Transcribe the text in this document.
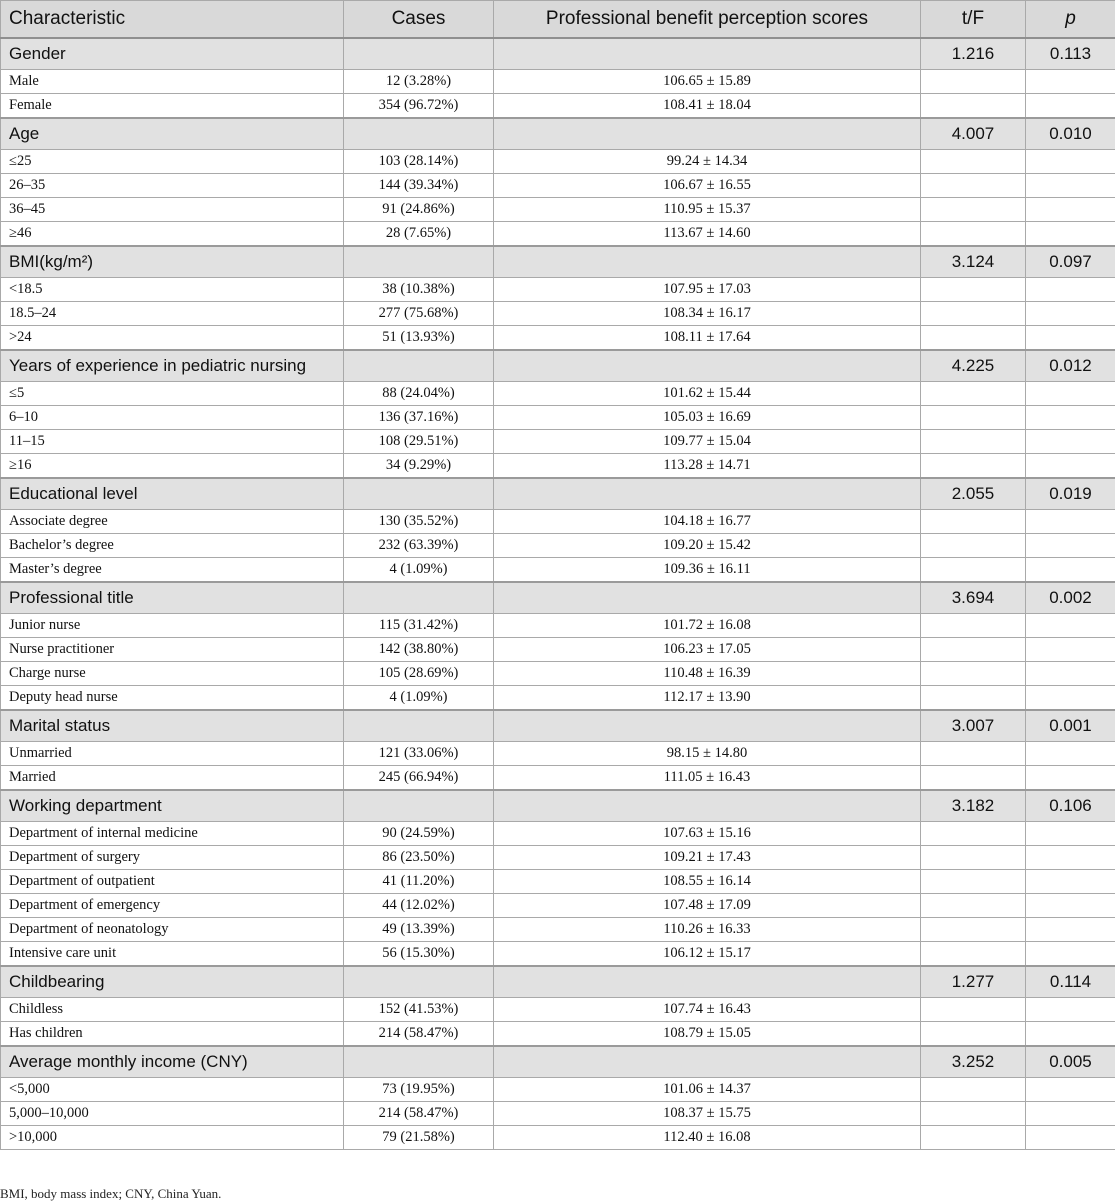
Characteristic	Cases	Professional benefit perception scores	t/F	p
Gender			1.216	0.113
Male	12 (3.28%)	106.65 ± 15.89		
Female	354 (96.72%)	108.41 ± 18.04		
Age			4.007	0.010
≤25	103 (28.14%)	99.24 ± 14.34		
26–35	144 (39.34%)	106.67 ± 16.55		
36–45	91 (24.86%)	110.95 ± 15.37		
≥46	28 (7.65%)	113.67 ± 14.60		
BMI(kg/m²)			3.124	0.097
<18.5	38 (10.38%)	107.95 ± 17.03		
18.5–24	277 (75.68%)	108.34 ± 16.17		
>24	51 (13.93%)	108.11 ± 17.64		
Years of experience in pediatric nursing			4.225	0.012
≤5	88 (24.04%)	101.62 ± 15.44		
6–10	136 (37.16%)	105.03 ± 16.69		
11–15	108 (29.51%)	109.77 ± 15.04		
≥16	34 (9.29%)	113.28 ± 14.71		
Educational level			2.055	0.019
Associate degree	130 (35.52%)	104.18 ± 16.77		
Bachelor’s degree	232 (63.39%)	109.20 ± 15.42		
Master’s degree	4 (1.09%)	109.36 ± 16.11		
Professional title			3.694	0.002
Junior nurse	115 (31.42%)	101.72 ± 16.08		
Nurse practitioner	142 (38.80%)	106.23 ± 17.05		
Charge nurse	105 (28.69%)	110.48 ± 16.39		
Deputy head nurse	4 (1.09%)	112.17 ± 13.90		
Marital status			3.007	0.001
Unmarried	121 (33.06%)	98.15 ± 14.80		
Married	245 (66.94%)	111.05 ± 16.43		
Working department			3.182	0.106
Department of internal medicine	90 (24.59%)	107.63 ± 15.16		
Department of surgery	86 (23.50%)	109.21 ± 17.43		
Department of outpatient	41 (11.20%)	108.55 ± 16.14		
Department of emergency	44 (12.02%)	107.48 ± 17.09		
Department of neonatology	49 (13.39%)	110.26 ± 16.33		
Intensive care unit	56 (15.30%)	106.12 ± 15.17		
Childbearing			1.277	0.114
Childless	152 (41.53%)	107.74 ± 16.43		
Has children	214 (58.47%)	108.79 ± 15.05		
Average monthly income (CNY)			3.252	0.005
<5,000	73 (19.95%)	101.06 ± 14.37		
5,000–10,000	214 (58.47%)	108.37 ± 15.75		
>10,000	79 (21.58%)	112.40 ± 16.08		
BMI, body mass index; CNY, China Yuan.
